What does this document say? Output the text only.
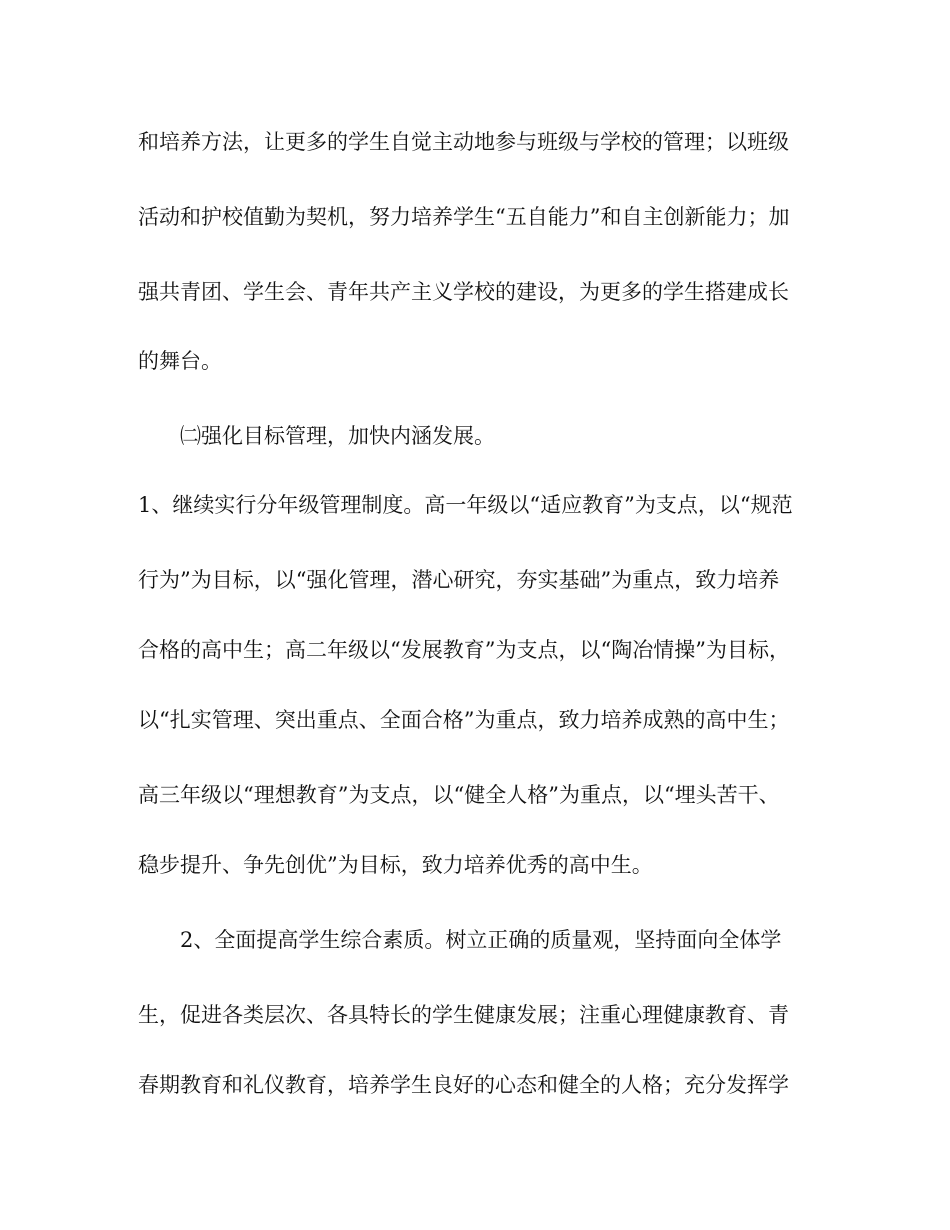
和培养方法，让更多的学生自觉主动地参与班级与学校的管理；以班级

活动和护校值勤为契机，努力培养学生“五自能力”和自主创新能力；加

强共青团、学生会、青年共产主义学校的建设，为更多的学生搭建成长

的舞台。

㈡强化目标管理，加快内涵发展。

1、继续实行分年级管理制度。高一年级以“适应教育”为支点，以“规范

行为”为目标，以“强化管理，潜心研究，夯实基础”为重点，致力培养

合格的高中生；高二年级以“发展教育”为支点，以“陶冶情操”为目标，

以“扎实管理、突出重点、全面合格”为重点，致力培养成熟的高中生；

高三年级以“理想教育”为支点，以“健全人格”为重点，以“埋头苦干、

稳步提升、争先创优”为目标，致力培养优秀的高中生。

2、全面提高学生综合素质。树立正确的质量观，坚持面向全体学

生，促进各类层次、各具特长的学生健康发展；注重心理健康教育、青

春期教育和礼仪教育，培养学生良好的心态和健全的人格；充分发挥学
